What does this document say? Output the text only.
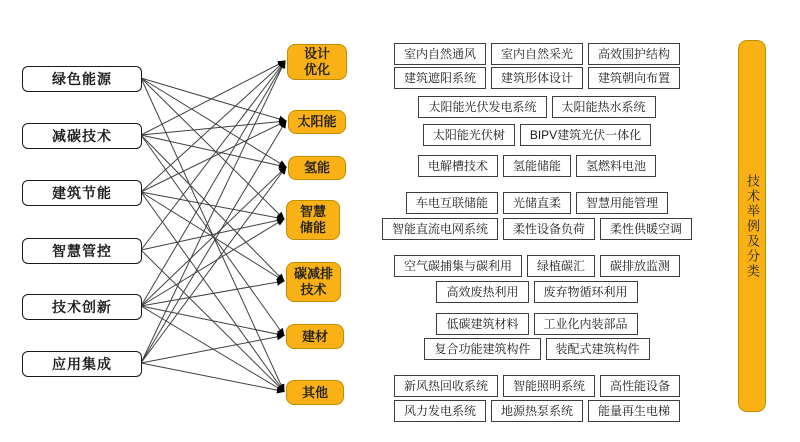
绿色能源
减碳技术
建筑节能
智慧管控
技术创新
应用集成
设计
优化
太阳能
氢能
智慧
储能
碳减排
技术
建材
其他
室内自然通风	室内自然采光	高效围护结构
建筑遮阳系统	建筑形体设计	建筑朝向布置
太阳能光伏发电系统	太阳能热水系统
太阳能光伏树	BIPV建筑光伏一体化
电解槽技术	氢能储能	氢燃料电池
车电互联储能	光储直柔	智慧用能管理
智能直流电网系统	柔性设备负荷	柔性供暖空调
空气碳捕集与碳利用	绿植碳汇	碳排放监测
高效废热利用	废弃物循环利用
低碳建筑材料	工业化内装部品
复合功能建筑构件	装配式建筑构件
新风热回收系统	智能照明系统	高性能设备
风力发电系统	地源热泵系统	能量再生电梯
技术举例及分类
